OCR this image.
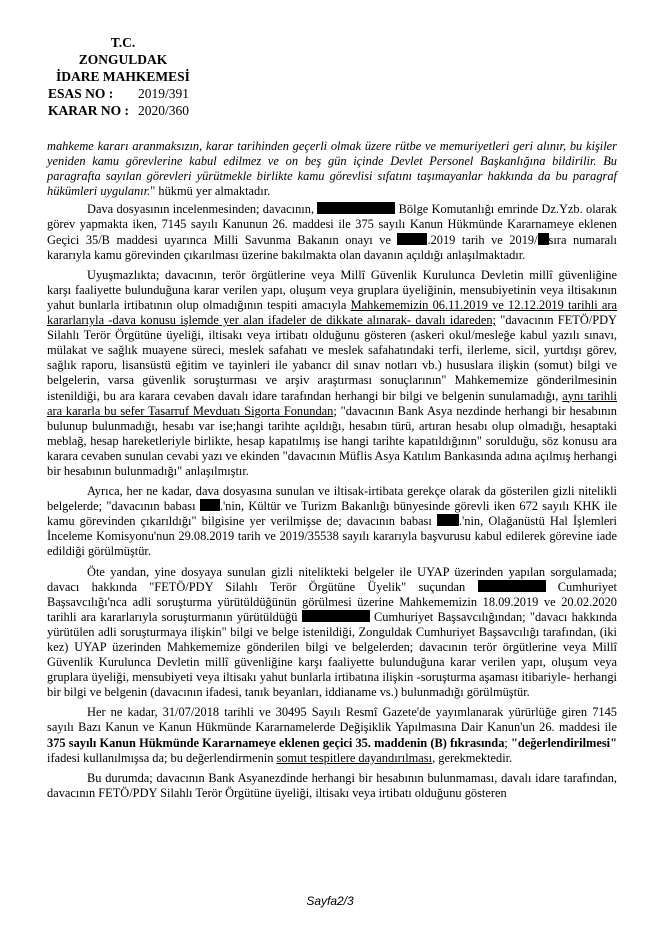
T.C.
ZONGULDAK
İDARE MAHKEMESİ
ESAS NO :	2019/391
KARAR NO : 2020/360

mahkeme kararı aranmaksızın, karar tarihinden geçerli olmak üzere rütbe ve memuriyetleri geri alınır, bu kişiler yeniden kamu görevlerine kabul edilmez ve on beş gün içinde Devlet Personel Başkanlığına bildirilir. Bu paragrafta sayılan görevleri yürütmekle birlikte kamu görevlisi sıfatını taşımayanlar hakkında da bu paragraf hükümleri uygulanır." hükmü yer almaktadır.

Dava dosyasının incelenmesinden; davacının,	Bölge Komutanlığı emrinde Dz.Yzb. olarak görev yapmakta iken, 7145 sayılı Kanunun 26. maddesi ile 375 sayılı Kanun Hükmünde Kararnameye eklenen Geçici 35/B maddesi uyarınca Milli Savunma Bakanın onayı ve	.2019 tarih ve 2019/ sıra numaralı kararıyla kamu görevinden çıkarılması üzerine bakılmakta olan davanın açıldığı anlaşılmaktadır.

Uyuşmazlıkta; davacının, terör örgütlerine veya Millî Güvenlik Kurulunca Devletin millî güvenliğine karşı faaliyette bulunduğuna karar verilen yapı, oluşum veya gruplara üyeliğinin, mensubiyetinin veya iltisakının yahut bunlarla irtibatının olup olmadığının tespiti amacıyla Mahkememizin 06.11.2019 ve 12.12.2019 tarihli ara kararlarıyla -dava konusu işlemde yer alan ifadeler de dikkate alınarak- davalı idareden; "davacının FETÖ/PDY Silahlı Terör Örgütüne üyeliği, iltisakı veya irtibatı olduğunu gösteren (askeri okul/mesleğe kabul yazılı sınavı, mülakat ve sağlık muayene süreci, meslek safahatı ve meslek safahatındaki terfi, ilerleme, sicil, yurtdışı görev, sağlık raporu, lisansüstü eğitim ve tayinleri ile yabancı dil sınav notları vb.) hususlara ilişkin (somut) bilgi ve belgelerin, varsa güvenlik soruşturması ve arşiv araştırması sonuçlarının" Mahkememize gönderilmesinin istenildiği, bu ara karara cevaben davalı idare tarafından herhangi bir bilgi ve belgenin sunulamadığı, aynı tarihli ara kararla bu sefer Tasarruf Mevduatı Sigorta Fonundan; "davacının Bank Asya nezdinde herhangi bir hesabının bulunup bulunmadığı, hesabı var ise;hangi tarihte açıldığı, hesabın türü, artıran hesabı olup olmadığı, hesaptaki meblağ, hesap hareketleriyle birlikte, hesap kapatılmış ise hangi tarihte kapatıldığının" sorulduğu, söz konusu ara karara cevaben sunulan cevabi yazı ve ekinden "davacının Müflis Asya Katılım Bankasında adına açılmış herhangi bir hesabının bulunmadığı" anlaşılmıştır.

Ayrıca, her ne kadar, dava dosyasına sunulan ve iltisak-irtibata gerekçe olarak da gösterilen gizli nitelikli belgelerde; "davacının babası .'nin, Kültür ve Turizm Bakanlığı bünyesinde görevli iken 672 sayılı KHK ile kamu görevinden çıkarıldığı" bilgisine yer verilmişse de; davacının babası .'nin, Olağanüstü Hal İşlemleri İnceleme Komisyonu'nun 29.08.2019 tarih ve 2019/35538 sayılı kararıyla başvurusu kabul edilerek görevine iade edildiği görülmüştür.

Öte yandan, yine dosyaya sunulan gizli nitelikteki belgeler ile UYAP üzerinden yapılan sorgulamada; davacı hakkında "FETÖ/PDY Silahlı Terör Örgütüne Üyelik" suçundan	Cumhuriyet Başsavcılığı'nca adli soruşturma yürütüldüğünün görülmesi üzerine Mahkememizin 18.09.2019 ve 20.02.2020 tarihli ara kararlarıyla soruşturmanın yürütüldüğü	Cumhuriyet Başsavcılığından; "davacı hakkında yürütülen adli soruşturmaya ilişkin" bilgi ve belge istenildiği, Zonguldak Cumhuriyet Başsavcılığı tarafından, (iki kez) UYAP üzerinden Mahkememize gönderilen bilgi ve belgelerden; davacının terör örgütlerine veya Millî Güvenlik Kurulunca Devletin millî güvenliğine karşı faaliyette bulunduğuna karar verilen yapı, oluşum veya gruplara üyeliği, mensubiyeti veya iltisakı yahut bunlarla irtibatına ilişkin -soruşturma aşaması itibariyle- herhangi bir bilgi ve belgenin (davacının ifadesi, tanık beyanları, iddianame vs.) bulunmadığı görülmüştür.

Her ne kadar, 31/07/2018 tarihli ve 30495 Sayılı Resmî Gazete'de yayımlanarak yürürlüğe giren 7145 sayılı Bazı Kanun ve Kanun Hükmünde Kararnamelerde Değişiklik Yapılmasına Dair Kanun'un 26. maddesi ile 375 sayılı Kanun Hükmünde Kararnameye eklenen geçici 35. maddenin (B) fıkrasında; "değerlendirilmesi" ifadesi kullanılmışsa da; bu değerlendirmenin somut tespitlere dayandırılması, gerekmektedir.

Bu durumda; davacının Bank Asyanezdinde herhangi bir hesabının bulunmaması, davalı idare tarafından, davacının FETÖ/PDY Silahlı Terör Örgütüne üyeliği, iltisakı veya irtibatı olduğunu gösteren

Sayfa2/3
